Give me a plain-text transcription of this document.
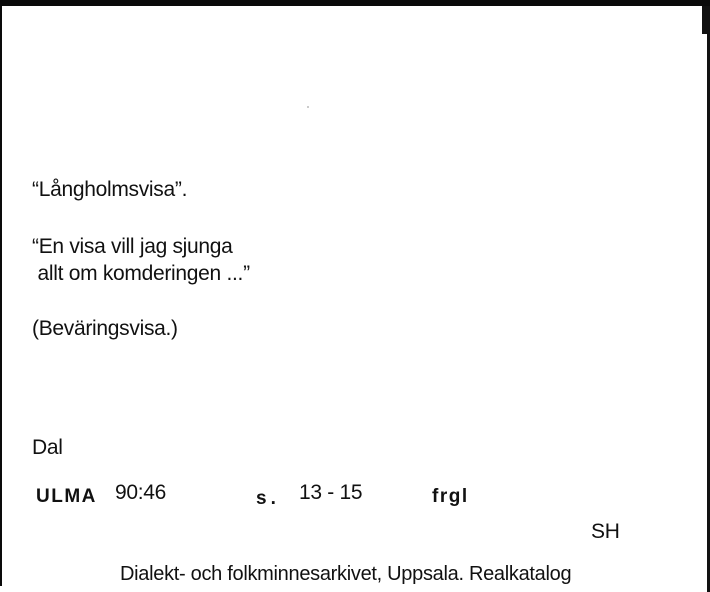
“Långholmsvisa”.
“En visa vill jag sjunga
allt om komderingen ...”
(Beväringsvisa.)
Dal
ULMA 90:46	s. 13 - 15	frgl
SH
Dialekt- och folkminnesarkivet, Uppsala. Realkatalog
